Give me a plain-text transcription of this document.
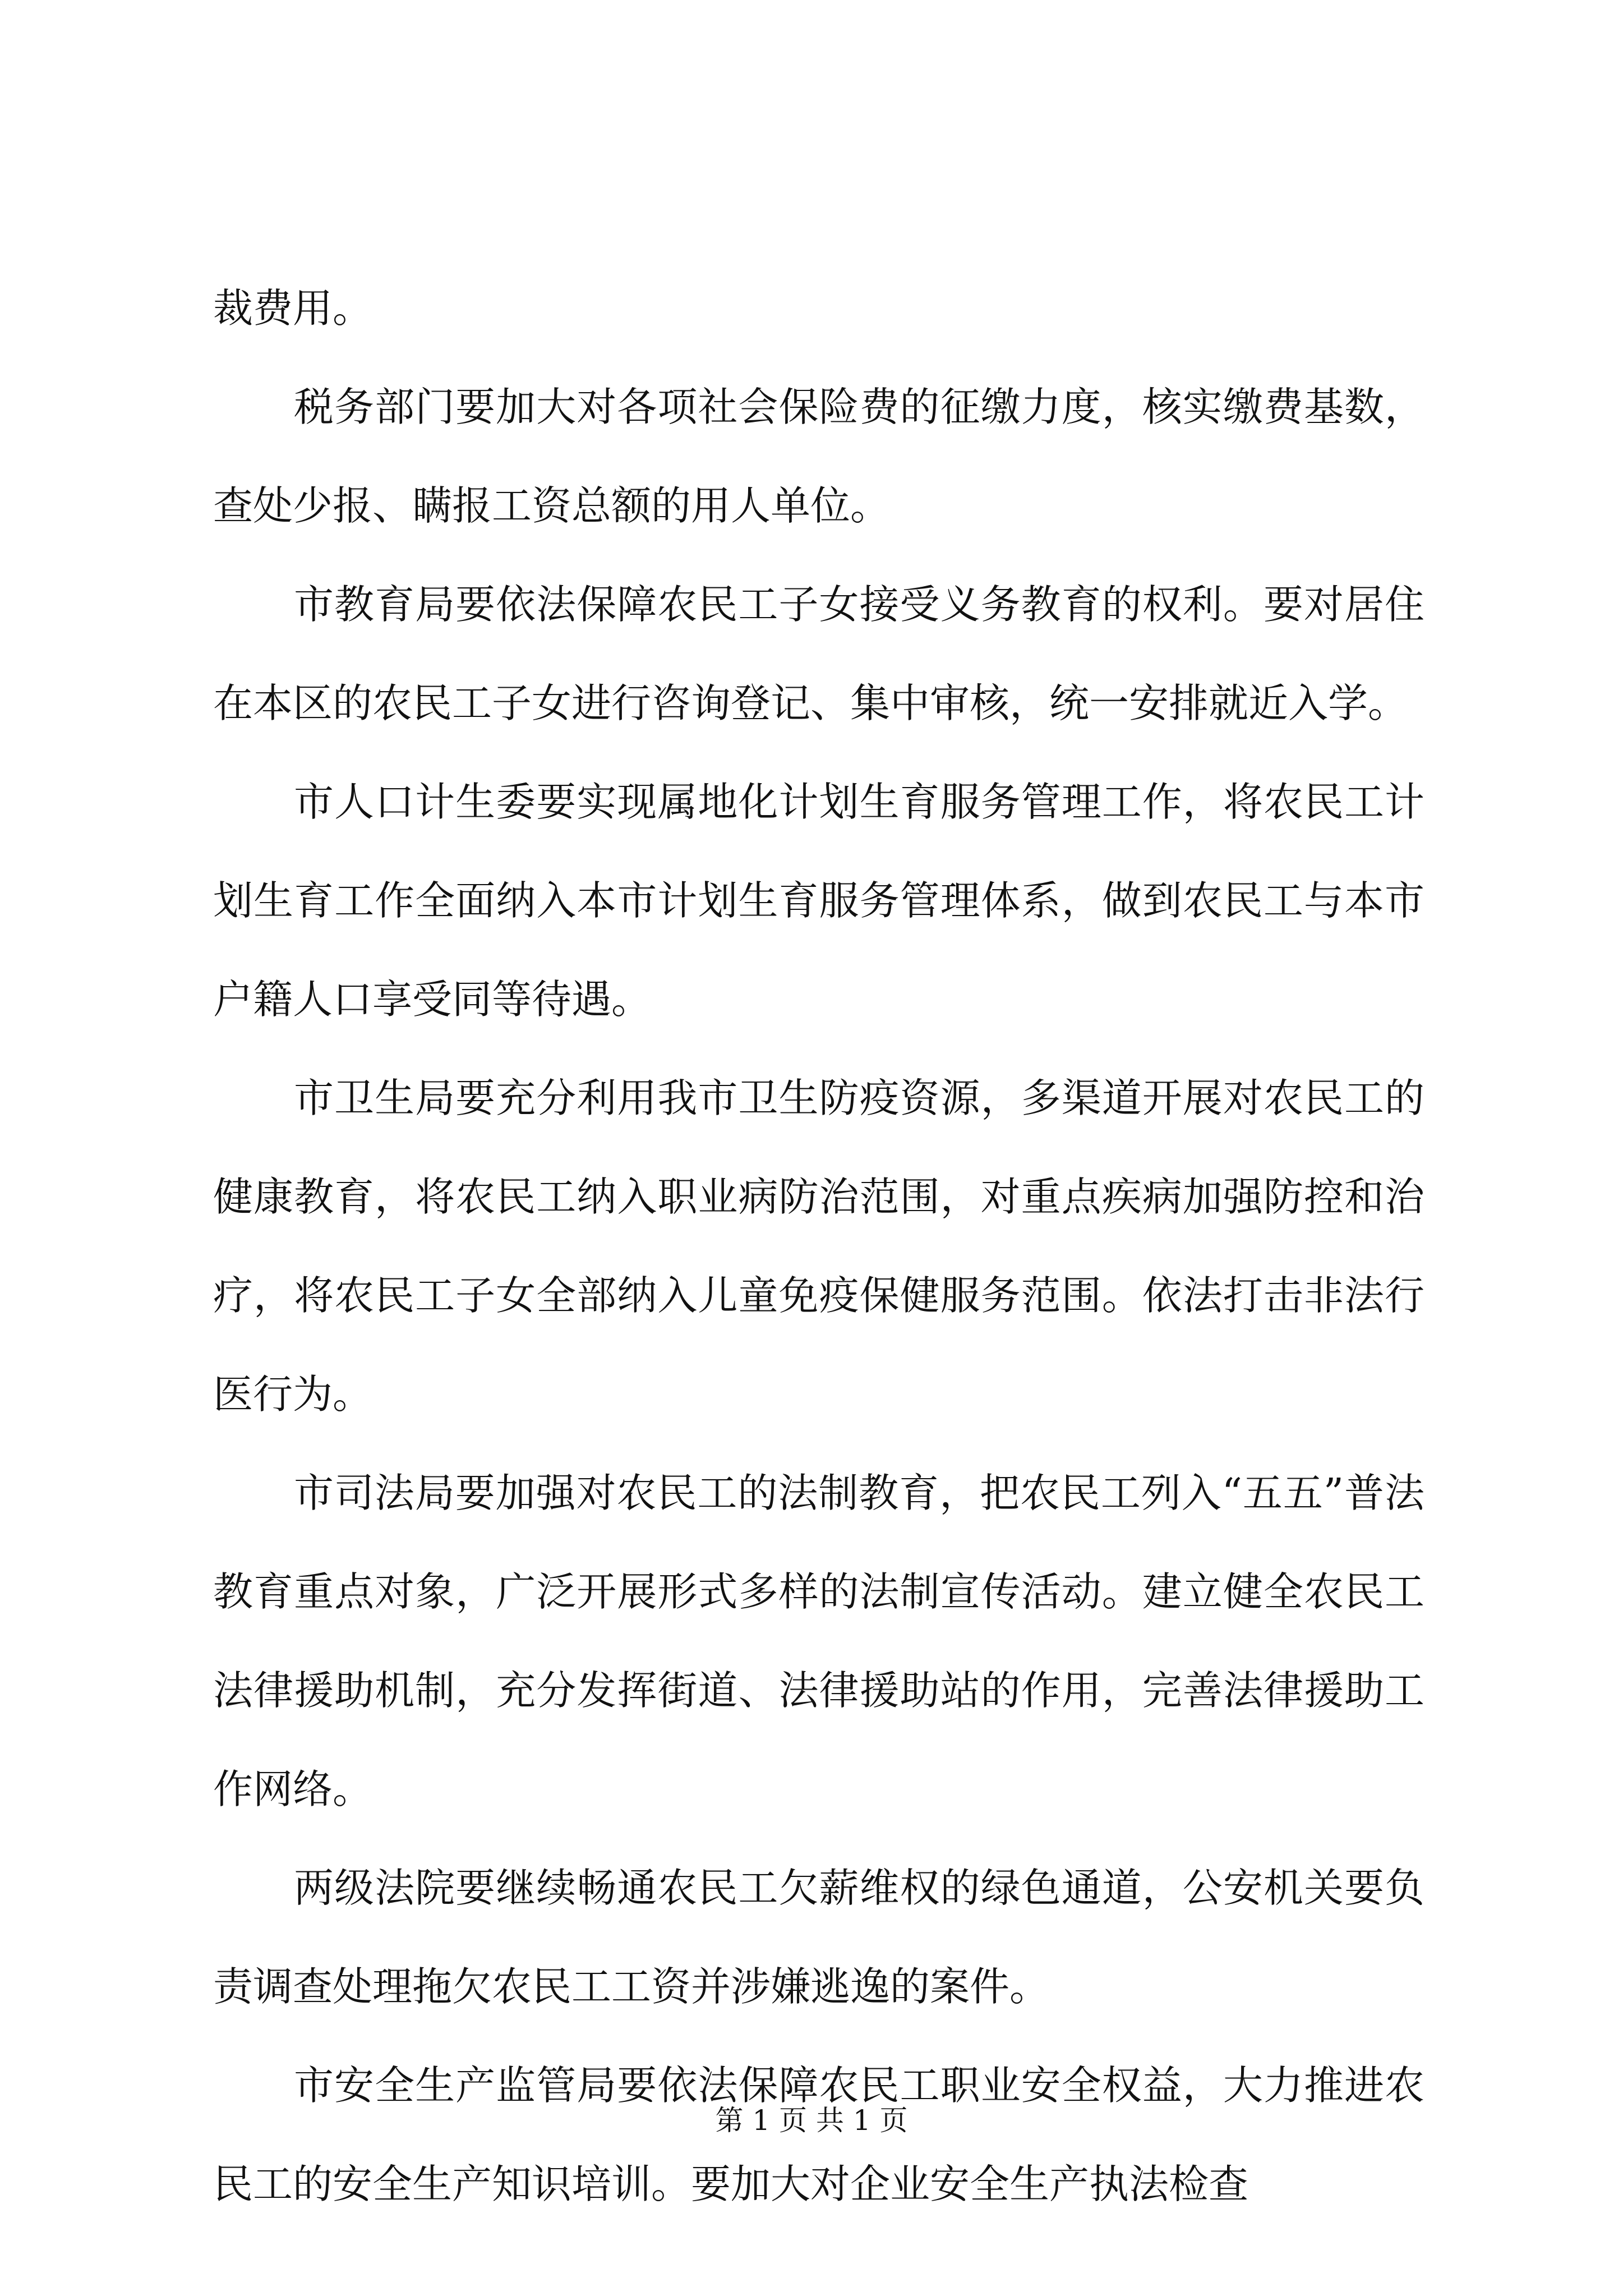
裁费用。

税务部门要加大对各项社会保险费的征缴力度，核实缴费基数，查处少报、瞒报工资总额的用人单位。

市教育局要依法保障农民工子女接受义务教育的权利。要对居住在本区的农民工子女进行咨询登记、集中审核，统一安排就近入学。

市人口计生委要实现属地化计划生育服务管理工作，将农民工计划生育工作全面纳入本市计划生育服务管理体系，做到农民工与本市户籍人口享受同等待遇。

市卫生局要充分利用我市卫生防疫资源，多渠道开展对农民工的健康教育，将农民工纳入职业病防治范围，对重点疾病加强防控和治疗，将农民工子女全部纳入儿童免疫保健服务范围。依法打击非法行医行为。

市司法局要加强对农民工的法制教育，把农民工列入“五五”普法教育重点对象，广泛开展形式多样的法制宣传活动。建立健全农民工法律援助机制，充分发挥街道、法律援助站的作用，完善法律援助工作网络。

两级法院要继续畅通农民工欠薪维权的绿色通道，公安机关要负责调查处理拖欠农民工工资并涉嫌逃逸的案件。

市安全生产监管局要依法保障农民工职业安全权益，大力推进农民工的安全生产知识培训。要加大对企业安全生产执法检查

第 1 页 共 1 页
